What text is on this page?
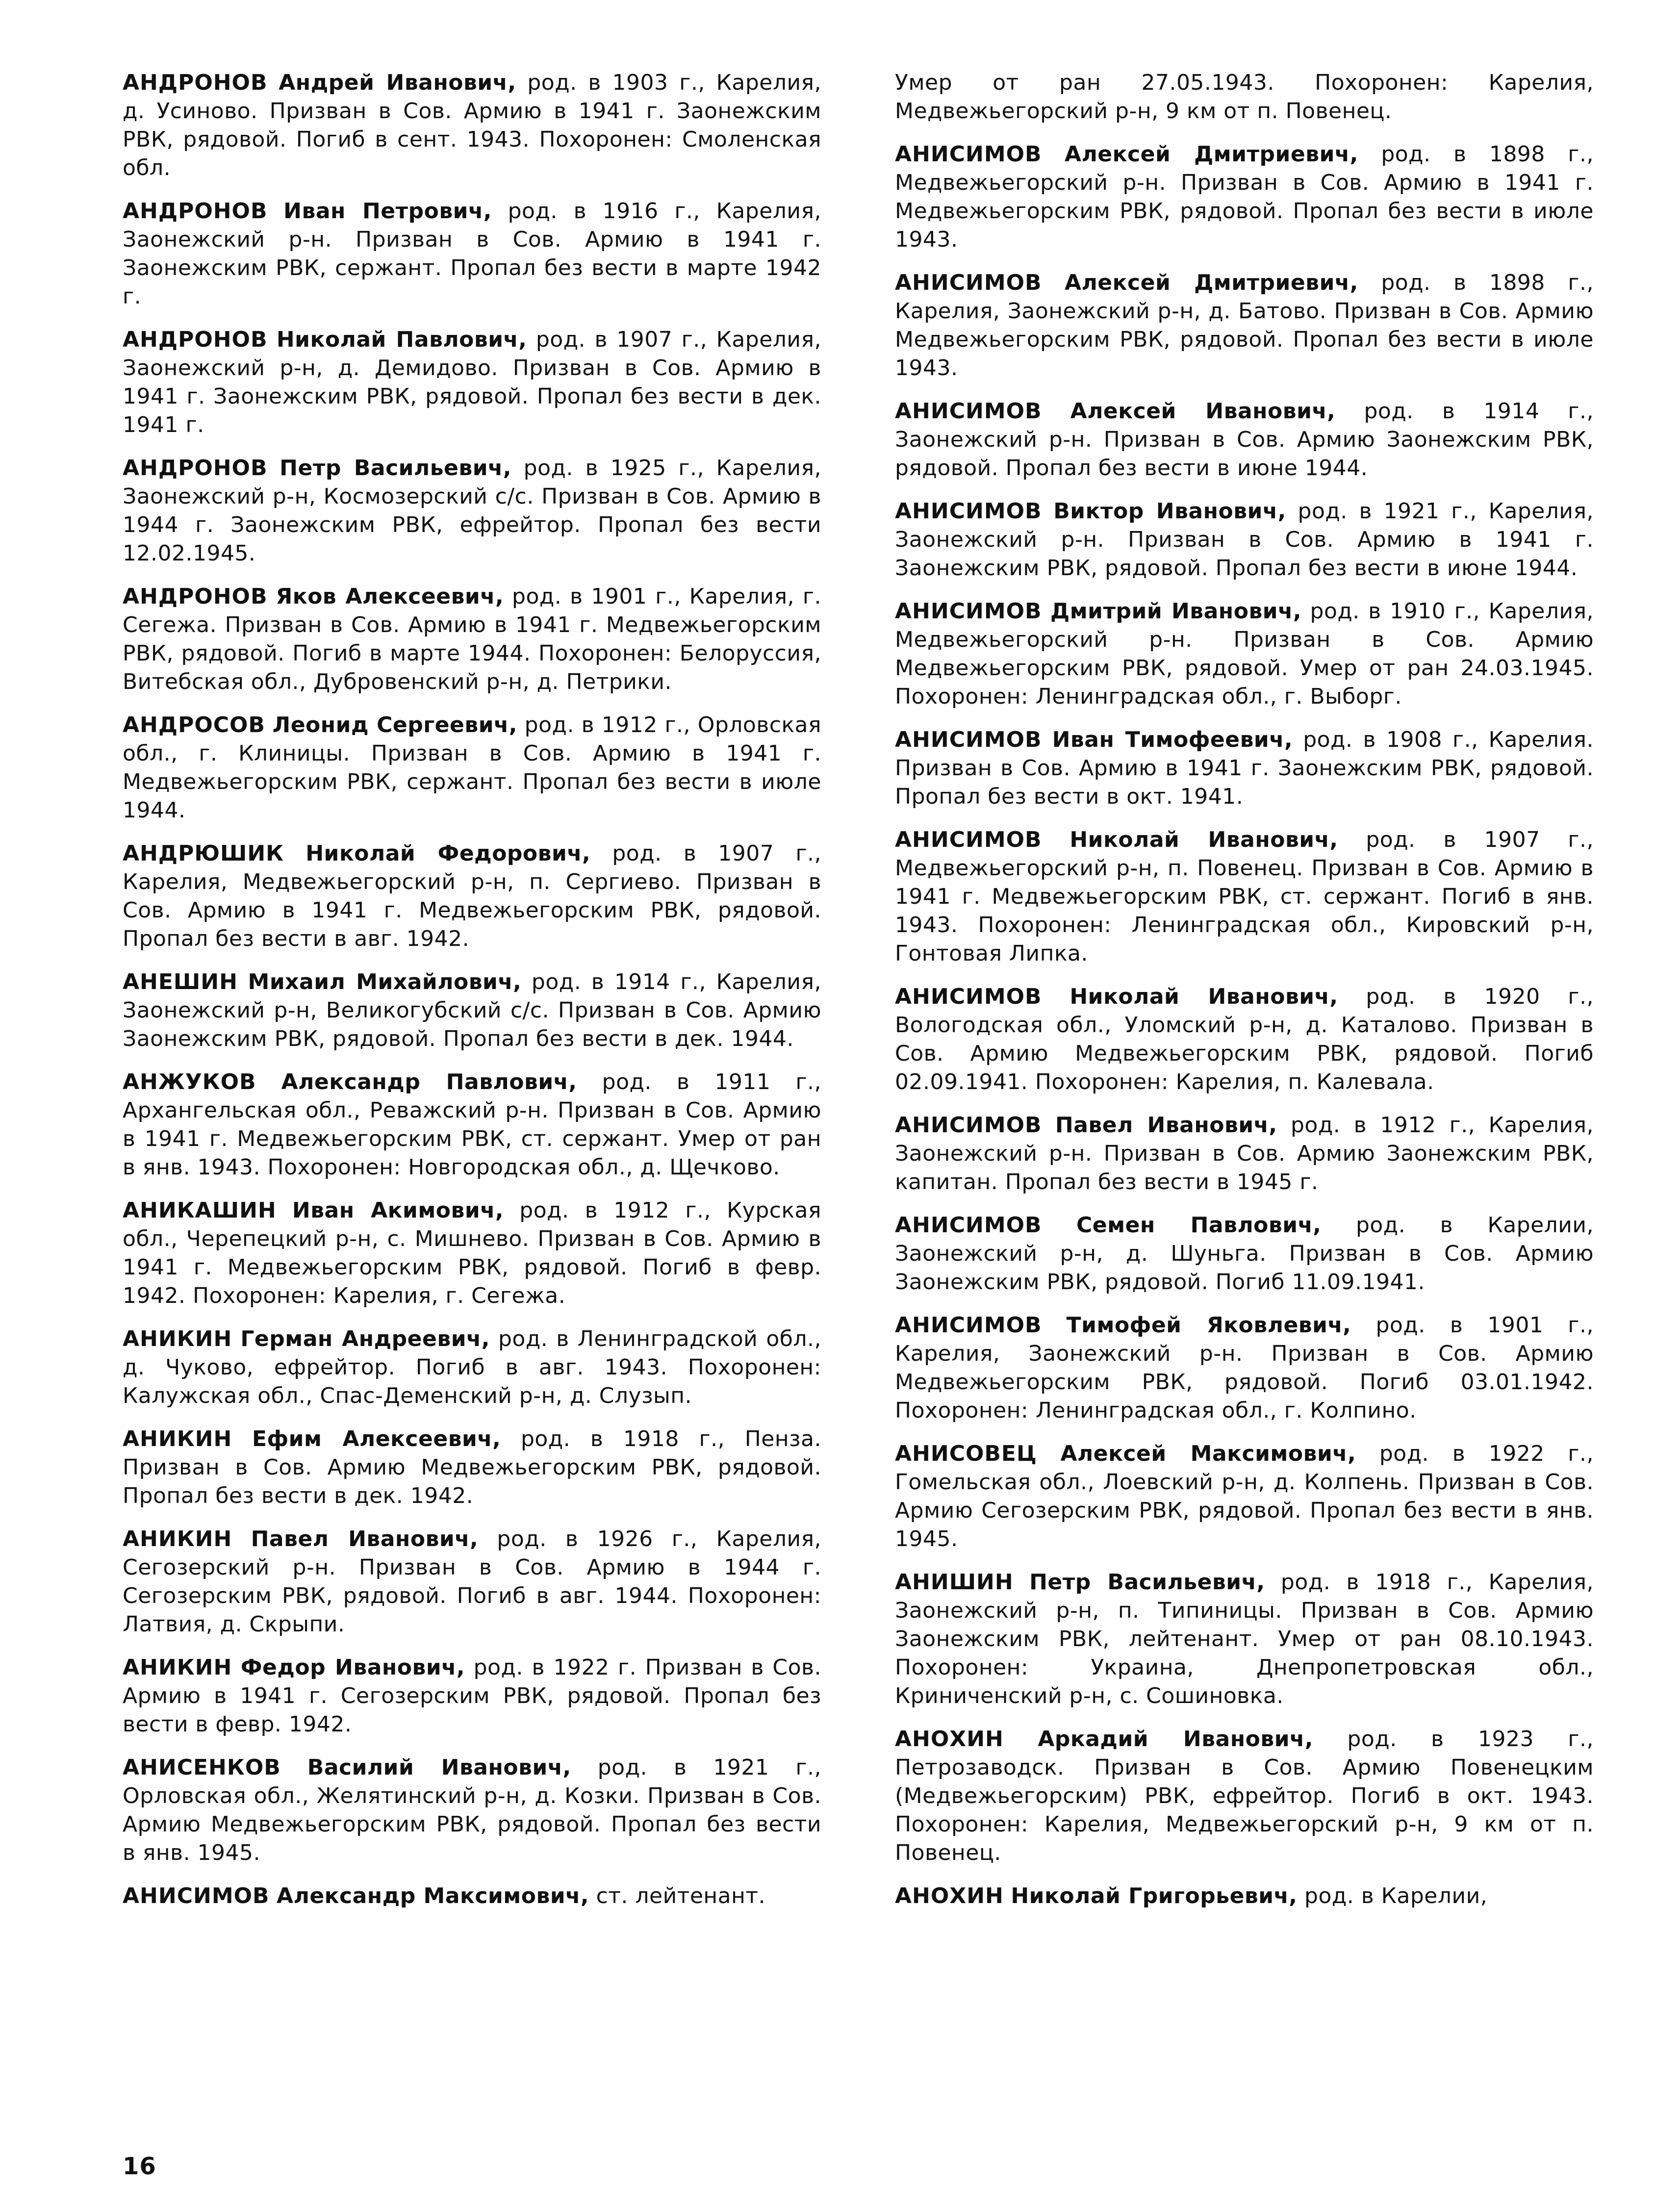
АНДРОНОВ Андрей Иванович, род. в 1903 г., Карелия, д. Усиново. Призван в Сов. Армию в 1941 г. Заонежским РВК, рядовой. Погиб в сент. 1943. Похоронен: Смоленская обл.

АНДРОНОВ Иван Петрович, род. в 1916 г., Карелия, Заонежский р-н. Призван в Сов. Армию в 1941 г. Заонежским РВК, сержант. Пропал без вести в марте 1942 г.

АНДРОНОВ Николай Павлович, род. в 1907 г., Карелия, Заонежский р-н, д. Демидово. Призван в Сов. Армию в 1941 г. Заонежским РВК, рядовой. Пропал без вести в дек. 1941 г.

АНДРОНОВ Петр Васильевич, род. в 1925 г., Карелия, Заонежский р-н, Космозерский с/с. Призван в Сов. Армию в 1944 г. Заонежским РВК, ефрейтор. Пропал без вести 12.02.1945.

АНДРОНОВ Яков Алексеевич, род. в 1901 г., Карелия, г. Сегежа. Призван в Сов. Армию в 1941 г. Медвежьегорским РВК, рядовой. Погиб в марте 1944. Похоронен: Белоруссия, Витебская обл., Дубровенский р-н, д. Петрики.

АНДРОСОВ Леонид Сергеевич, род. в 1912 г., Орловская обл., г. Клиницы. Призван в Сов. Армию в 1941 г. Медвежьегорским РВК, сержант. Пропал без вести в июле 1944.

АНДРЮШИК Николай Федорович, род. в 1907 г., Карелия, Медвежьегорский р-н, п. Сергиево. Призван в Сов. Армию в 1941 г. Медвежьегорским РВК, рядовой. Пропал без вести в авг. 1942.

АНЕШИН Михаил Михайлович, род. в 1914 г., Карелия, Заонежский р-н, Великогубский с/с. Призван в Сов. Армию Заонежским РВК, рядовой. Пропал без вести в дек. 1944.

АНЖУКОВ Александр Павлович, род. в 1911 г., Архангельская обл., Реважский р-н. Призван в Сов. Армию в 1941 г. Медвежьегорским РВК, ст. сержант. Умер от ран в янв. 1943. Похоронен: Новгородская обл., д. Щечково.

АНИКАШИН Иван Акимович, род. в 1912 г., Курская обл., Черепецкий р-н, с. Мишнево. Призван в Сов. Армию в 1941 г. Медвежьегорским РВК, рядовой. Погиб в февр. 1942. Похоронен: Карелия, г. Сегежа.

АНИКИН Герман Андреевич, род. в Ленинградской обл., д. Чуково, ефрейтор. Погиб в авг. 1943. Похоронен: Калужская обл., Спас-Деменский р-н, д. Слузып.

АНИКИН Ефим Алексеевич, род. в 1918 г., Пенза. Призван в Сов. Армию Медвежьегорским РВК, рядовой. Пропал без вести в дек. 1942.

АНИКИН Павел Иванович, род. в 1926 г., Карелия, Сегозерский р-н. Призван в Сов. Армию в 1944 г. Сегозерским РВК, рядовой. Погиб в авг. 1944. Похоронен: Латвия, д. Скрыпи.

АНИКИН Федор Иванович, род. в 1922 г. Призван в Сов. Армию в 1941 г. Сегозерским РВК, рядовой. Пропал без вести в февр. 1942.

АНИСЕНКОВ Василий Иванович, род. в 1921 г., Орловская обл., Желятинский р-н, д. Козки. Призван в Сов. Армию Медвежьегорским РВК, рядовой. Пропал без вести в янв. 1945.

АНИСИМОВ Александр Максимович, ст. лейтенант.

Умер от ран 27.05.1943. Похоронен: Карелия, Медвежьегорский р-н, 9 км от п. Повенец.

АНИСИМОВ Алексей Дмитриевич, род. в 1898 г., Медвежьегорский р-н. Призван в Сов. Армию в 1941 г. Медвежьегорским РВК, рядовой. Пропал без вести в июле 1943.

АНИСИМОВ Алексей Дмитриевич, род. в 1898 г., Карелия, Заонежский р-н, д. Батово. Призван в Сов. Армию Медвежьегорским РВК, рядовой. Пропал без вести в июле 1943.

АНИСИМОВ Алексей Иванович, род. в 1914 г., Заонежский р-н. Призван в Сов. Армию Заонежским РВК, рядовой. Пропал без вести в июне 1944.

АНИСИМОВ Виктор Иванович, род. в 1921 г., Карелия, Заонежский р-н. Призван в Сов. Армию в 1941 г. Заонежским РВК, рядовой. Пропал без вести в июне 1944.

АНИСИМОВ Дмитрий Иванович, род. в 1910 г., Карелия, Медвежьегорский р-н. Призван в Сов. Армию Медвежьегорским РВК, рядовой. Умер от ран 24.03.1945. Похоронен: Ленинградская обл., г. Выборг.

АНИСИМОВ Иван Тимофеевич, род. в 1908 г., Карелия. Призван в Сов. Армию в 1941 г. Заонежским РВК, рядовой. Пропал без вести в окт. 1941.

АНИСИМОВ Николай Иванович, род. в 1907 г., Медвежьегорский р-н, п. Повенец. Призван в Сов. Армию в 1941 г. Медвежьегорским РВК, ст. сержант. Погиб в янв. 1943. Похоронен: Ленинградская обл., Кировский р-н, Гонтовая Липка.

АНИСИМОВ Николай Иванович, род. в 1920 г., Вологодская обл., Уломский р-н, д. Каталово. Призван в Сов. Армию Медвежьегорским РВК, рядовой. Погиб 02.09.1941. Похоронен: Карелия, п. Калевала.

АНИСИМОВ Павел Иванович, род. в 1912 г., Карелия, Заонежский р-н. Призван в Сов. Армию Заонежским РВК, капитан. Пропал без вести в 1945 г.

АНИСИМОВ Семен Павлович, род. в Карелии, Заонежский р-н, д. Шуньга. Призван в Сов. Армию Заонежским РВК, рядовой. Погиб 11.09.1941.

АНИСИМОВ Тимофей Яковлевич, род. в 1901 г., Карелия, Заонежский р-н. Призван в Сов. Армию Медвежьегорским РВК, рядовой. Погиб 03.01.1942. Похоронен: Ленинградская обл., г. Колпино.

АНИСОВЕЦ Алексей Максимович, род. в 1922 г., Гомельская обл., Лоевский р-н, д. Колпень. Призван в Сов. Армию Сегозерским РВК, рядовой. Пропал без вести в янв. 1945.

АНИШИН Петр Васильевич, род. в 1918 г., Карелия, Заонежский р-н, п. Типиницы. Призван в Сов. Армию Заонежским РВК, лейтенант. Умер от ран 08.10.1943. Похоронен: Украина, Днепропетровская обл., Криниченский р-н, с. Сошиновка.

АНОХИН Аркадий Иванович, род. в 1923 г., Петрозаводск. Призван в Сов. Армию Повенецким (Медвежьегорским) РВК, ефрейтор. Погиб в окт. 1943. Похоронен: Карелия, Медвежьегорский р-н, 9 км от п. Повенец.

АНОХИН Николай Григорьевич, род. в Карелии,

16
